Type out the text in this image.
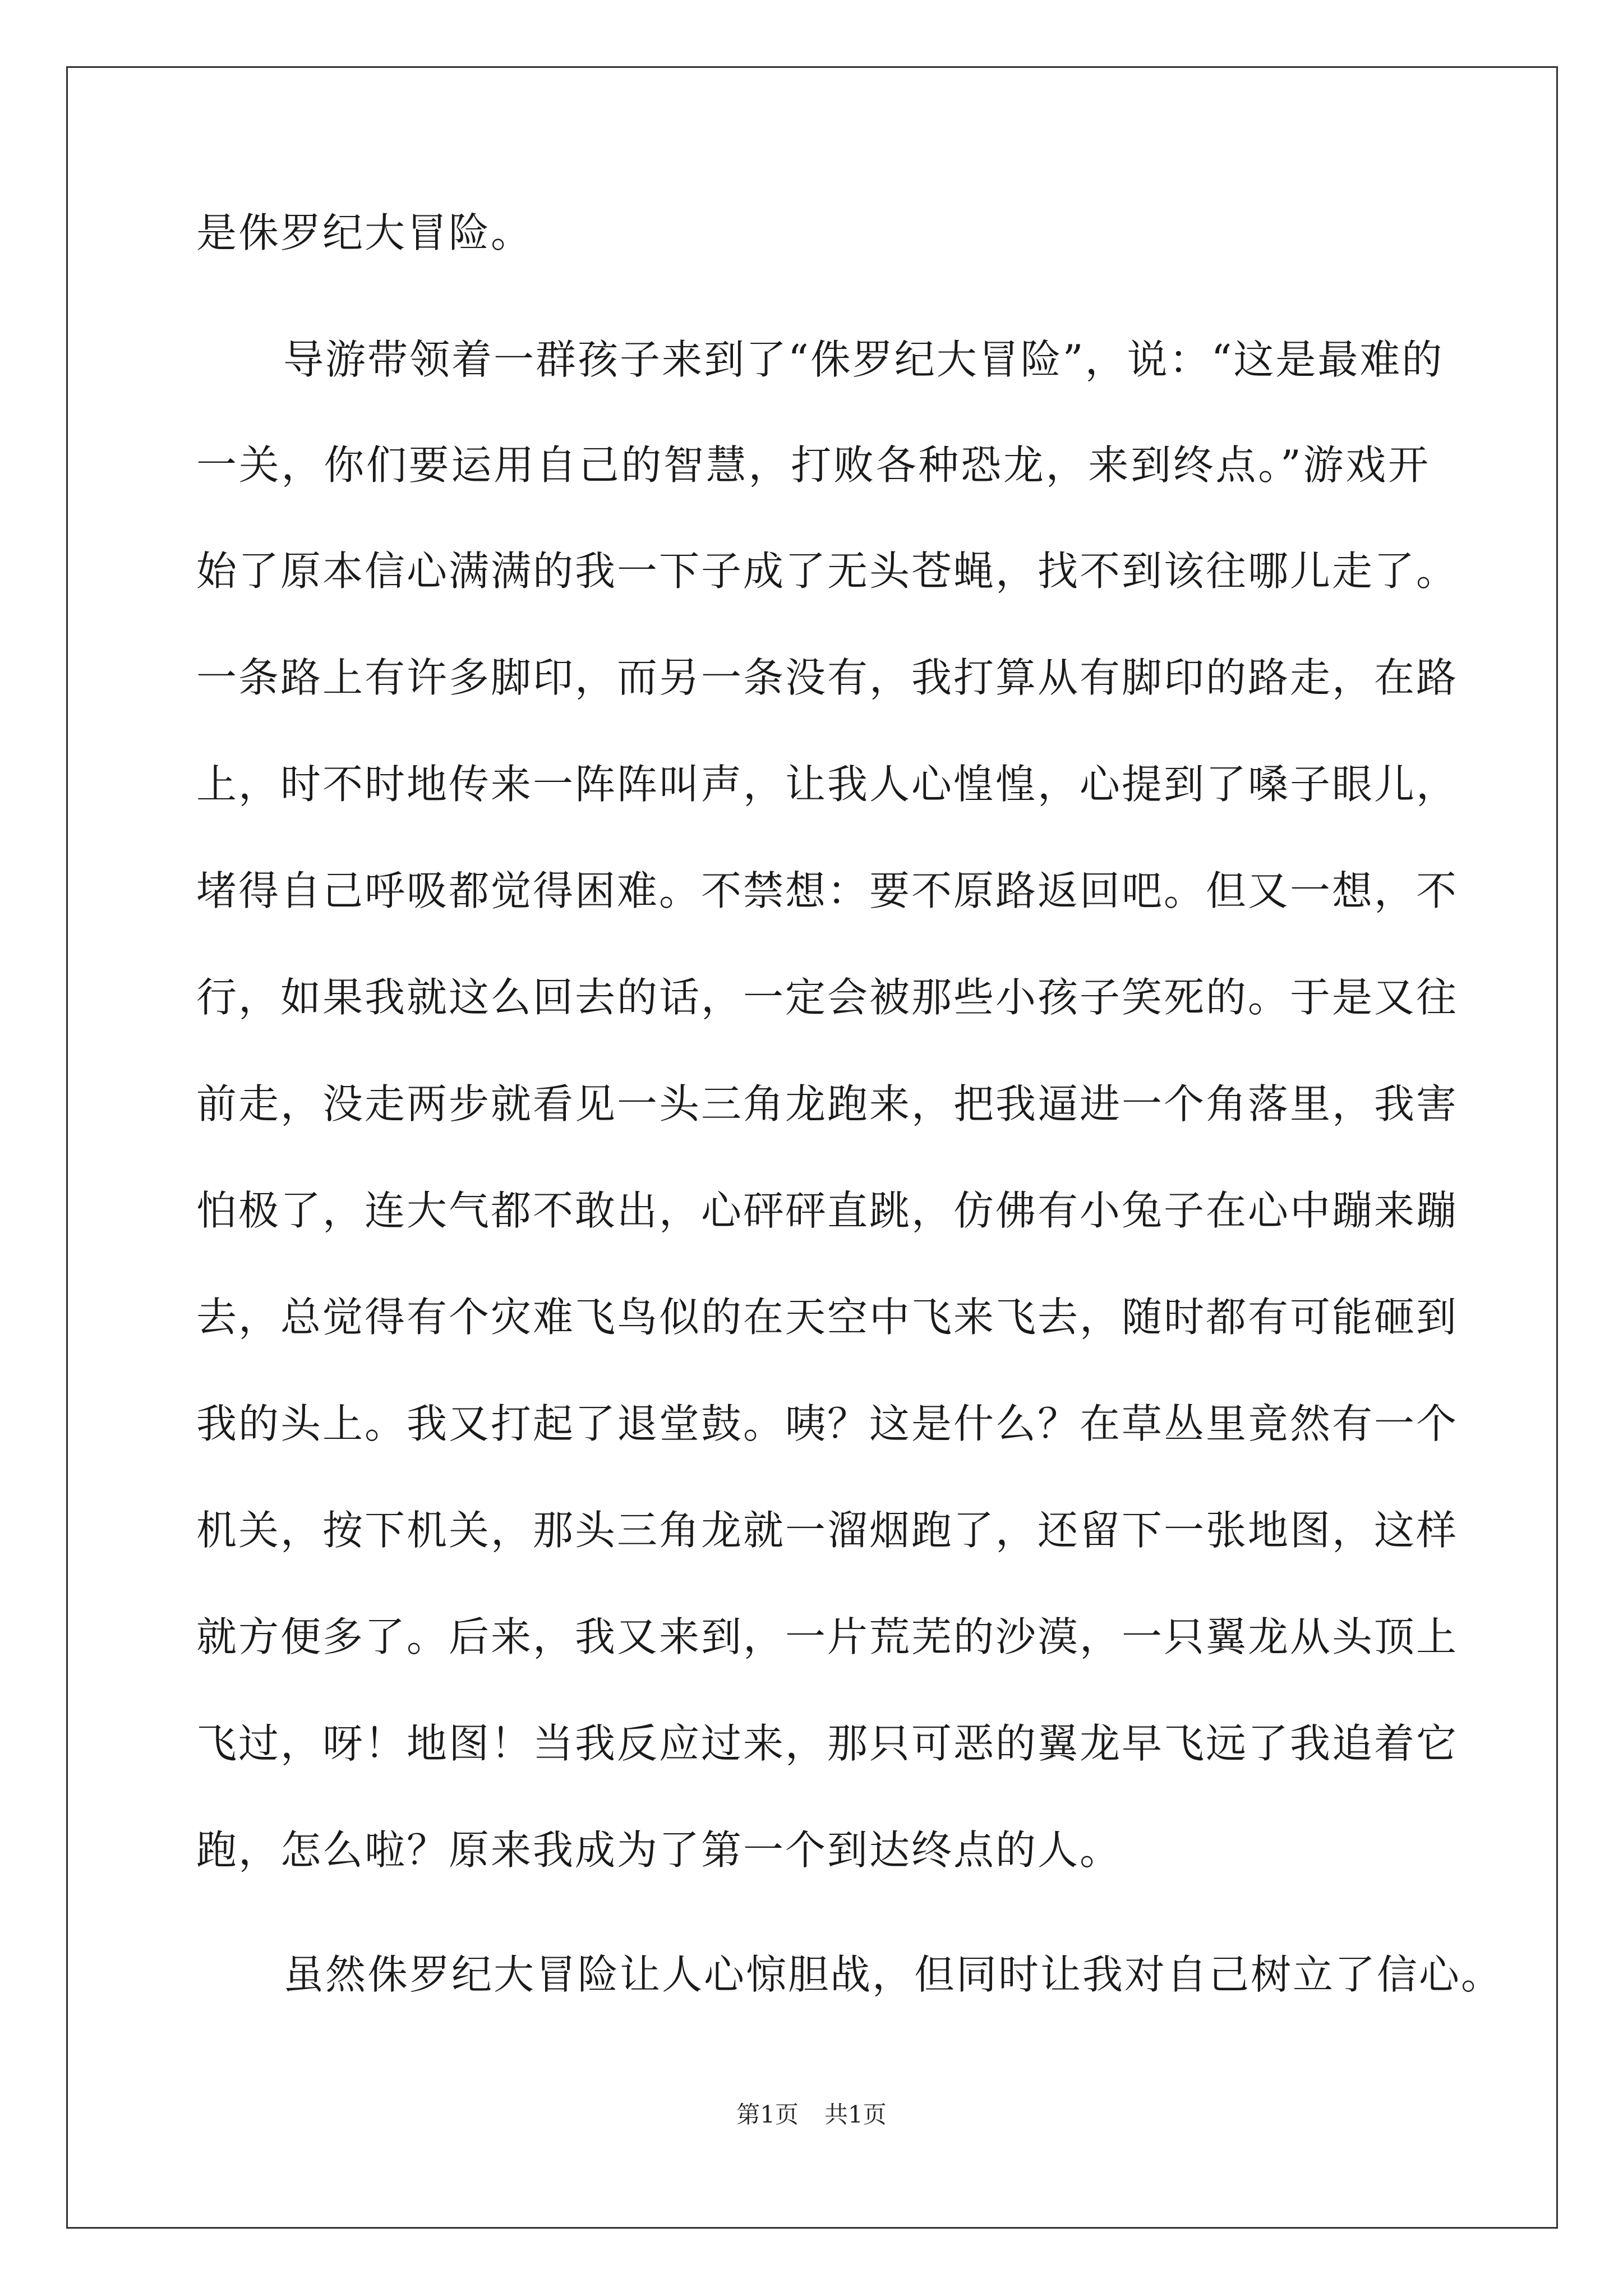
是侏罗纪大冒险。
导游带领着一群孩子来到了“侏罗纪大冒险”，说：“这是最难的
一关，你们要运用自己的智慧，打败各种恐龙，来到终点。”游戏开
始了原本信心满满的我一下子成了无头苍蝇，找不到该往哪儿走了。
一条路上有许多脚印，而另一条没有，我打算从有脚印的路走，在路
上，时不时地传来一阵阵叫声，让我人心惶惶，心提到了嗓子眼儿，
堵得自己呼吸都觉得困难。不禁想：要不原路返回吧。但又一想，不
行，如果我就这么回去的话，一定会被那些小孩子笑死的。于是又往
前走，没走两步就看见一头三角龙跑来，把我逼进一个角落里，我害
怕极了，连大气都不敢出，心砰砰直跳，仿佛有小兔子在心中蹦来蹦
去，总觉得有个灾难飞鸟似的在天空中飞来飞去，随时都有可能砸到
我的头上。我又打起了退堂鼓。咦？这是什么？在草丛里竟然有一个
机关，按下机关，那头三角龙就一溜烟跑了，还留下一张地图，这样
就方便多了。后来，我又来到，一片荒芜的沙漠，一只翼龙从头顶上
飞过，呀！地图！当我反应过来，那只可恶的翼龙早飞远了我追着它
跑，怎么啦？原来我成为了第一个到达终点的人。
虽然侏罗纪大冒险让人心惊胆战，但同时让我对自己树立了信心。
第1页 共1页
